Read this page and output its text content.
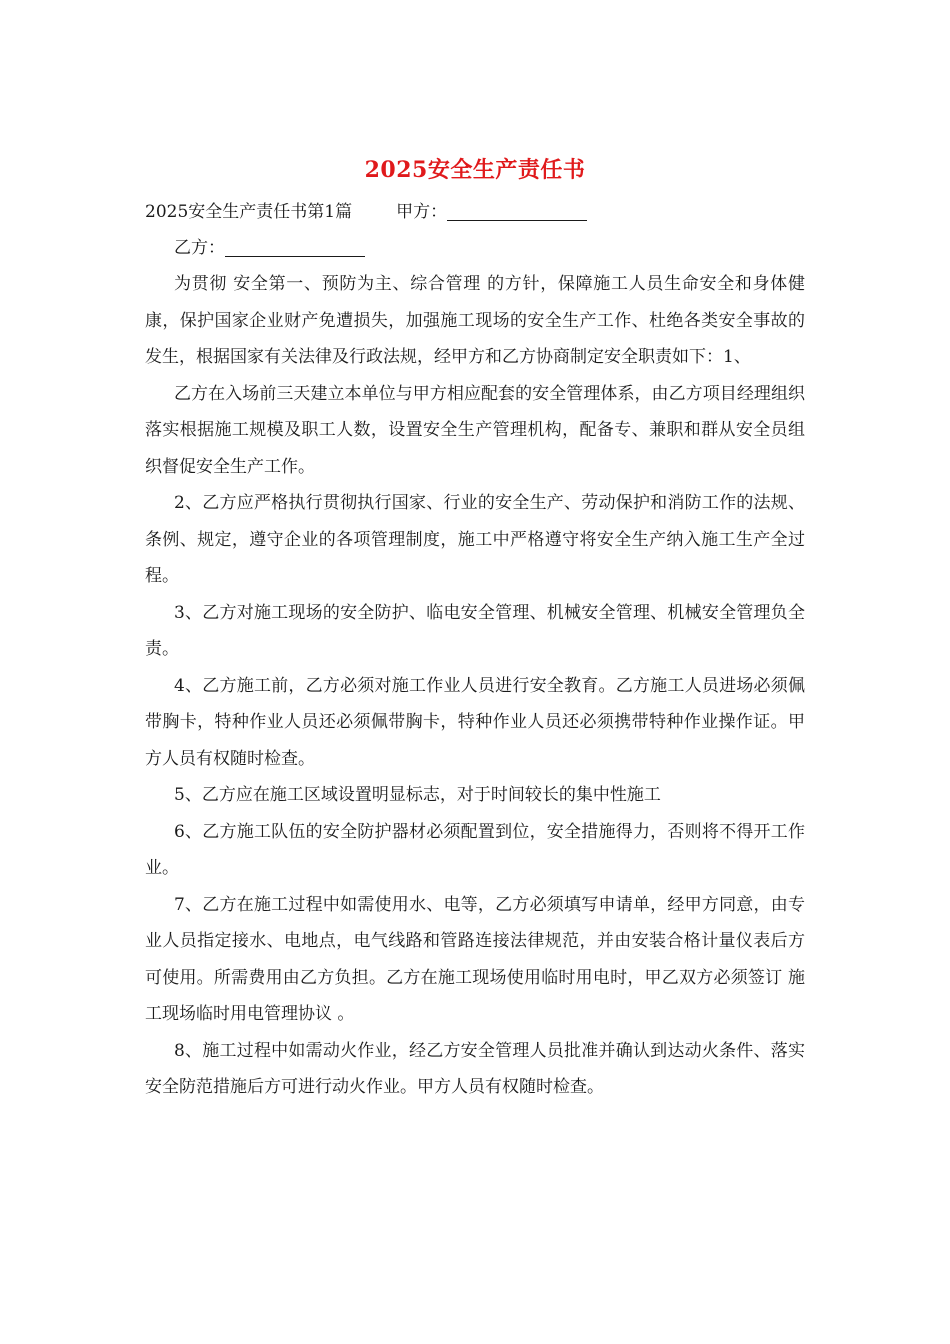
2025安全生产责任书

2025安全生产责任书第1篇	甲方：

乙方：

为贯彻 安全第一、预防为主、综合管理 的方针，保障施工人员生命安全和身体健康，保护国家企业财产免遭损失，加强施工现场的安全生产工作、杜绝各类安全事故的发生，根据国家有关法律及行政法规，经甲方和乙方协商制定安全职责如下：1、

乙方在入场前三天建立本单位与甲方相应配套的安全管理体系，由乙方项目经理组织落实根据施工规模及职工人数，设置安全生产管理机构，配备专、兼职和群从安全员组织督促安全生产工作。

2、乙方应严格执行贯彻执行国家、行业的安全生产、劳动保护和消防工作的法规、条例、规定，遵守企业的各项管理制度，施工中严格遵守将安全生产纳入施工生产全过程。

3、乙方对施工现场的安全防护、临电安全管理、机械安全管理、机械安全管理负全责。

4、乙方施工前，乙方必须对施工作业人员进行安全教育。乙方施工人员进场必须佩带胸卡，特种作业人员还必须佩带胸卡，特种作业人员还必须携带特种作业操作证。甲方人员有权随时检查。

5、乙方应在施工区域设置明显标志，对于时间较长的集中性施工

6、乙方施工队伍的安全防护器材必须配置到位，安全措施得力，否则将不得开工作业。

7、乙方在施工过程中如需使用水、电等，乙方必须填写申请单，经甲方同意，由专业人员指定接水、电地点，电气线路和管路连接法律规范，并由安装合格计量仪表后方可使用。所需费用由乙方负担。乙方在施工现场使用临时用电时，甲乙双方必须签订 施工现场临时用电管理协议 。

8、施工过程中如需动火作业，经乙方安全管理人员批准并确认到达动火条件、落实安全防范措施后方可进行动火作业。甲方人员有权随时检查。
